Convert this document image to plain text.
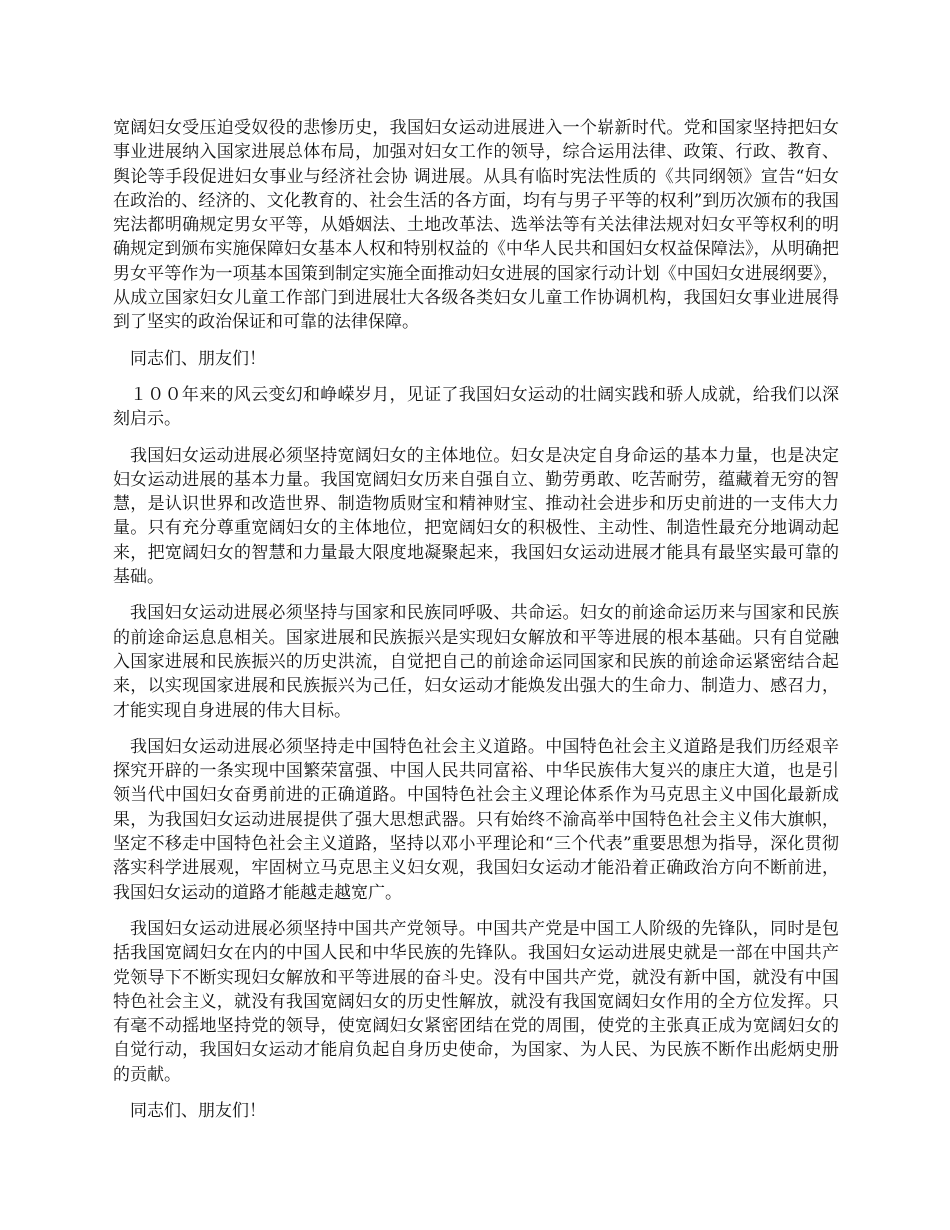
宽阔妇女受压迫受奴役的悲惨历史，我国妇女运动进展进入一个崭新时代。党和国家坚持把妇女事业进展纳入国家进展总体布局，加强对妇女工作的领导，综合运用法律、政策、行政、教育、舆论等手段促进妇女事业与经济社会协 调进展。从具有临时宪法性质的《共同纲领》宣告“妇女在政治的、经济的、文化教育的、社会生活的各方面，均有与男子平等的权利”到历次颁布的我国宪法都明确规定男女平等，从婚姻法、土地改革法、选举法等有关法律法规对妇女平等权利的明确规定到颁布实施保障妇女基本人权和特别权益的《中华人民共和国妇女权益保障法》，从明确把男女平等作为一项基本国策到制定实施全面推动妇女进展的国家行动计划《中国妇女进展纲要》，从成立国家妇女儿童工作部门到进展壮大各级各类妇女儿童工作协调机构，我国妇女事业进展得到了坚实的政治保证和可靠的法律保障。

同志们、朋友们！

１００年来的风云变幻和峥嵘岁月，见证了我国妇女运动的壮阔实践和骄人成就，给我们以深刻启示。

我国妇女运动进展必须坚持宽阔妇女的主体地位。妇女是决定自身命运的基本力量，也是决定妇女运动进展的基本力量。我国宽阔妇女历来自强自立、勤劳勇敢、吃苦耐劳，蕴藏着无穷的智慧，是认识世界和改造世界、制造物质财宝和精神财宝、推动社会进步和历史前进的一支伟大力量。只有充分尊重宽阔妇女的主体地位，把宽阔妇女的积极性、主动性、制造性最充分地调动起来，把宽阔妇女的智慧和力量最大限度地凝聚起来，我国妇女运动进展才能具有最坚实最可靠的基础。

我国妇女运动进展必须坚持与国家和民族同呼吸、共命运。妇女的前途命运历来与国家和民族的前途命运息息相关。国家进展和民族振兴是实现妇女解放和平等进展的根本基础。只有自觉融入国家进展和民族振兴的历史洪流，自觉把自己的前途命运同国家和民族的前途命运紧密结合起来，以实现国家进展和民族振兴为己任，妇女运动才能焕发出强大的生命力、制造力、感召力，才能实现自身进展的伟大目标。

我国妇女运动进展必须坚持走中国特色社会主义道路。中国特色社会主义道路是我们历经艰辛探究开辟的一条实现中国繁荣富强、中国人民共同富裕、中华民族伟大复兴的康庄大道，也是引领当代中国妇女奋勇前进的正确道路。中国特色社会主义理论体系作为马克思主义中国化最新成果，为我国妇女运动进展提供了强大思想武器。只有始终不渝高举中国特色社会主义伟大旗帜，坚定不移走中国特色社会主义道路，坚持以邓小平理论和“三个代表”重要思想为指导，深化贯彻落实科学进展观，牢固树立马克思主义妇女观，我国妇女运动才能沿着正确政治方向不断前进，我国妇女运动的道路才能越走越宽广。

我国妇女运动进展必须坚持中国共产党领导。中国共产党是中国工人阶级的先锋队，同时是包括我国宽阔妇女在内的中国人民和中华民族的先锋队。我国妇女运动进展史就是一部在中国共产党领导下不断实现妇女解放和平等进展的奋斗史。没有中国共产党，就没有新中国，就没有中国特色社会主义，就没有我国宽阔妇女的历史性解放，就没有我国宽阔妇女作用的全方位发挥。只有毫不动摇地坚持党的领导，使宽阔妇女紧密团结在党的周围，使党的主张真正成为宽阔妇女的自觉行动，我国妇女运动才能肩负起自身历史使命，为国家、为人民、为民族不断作出彪炳史册的贡献。

同志们、朋友们！
